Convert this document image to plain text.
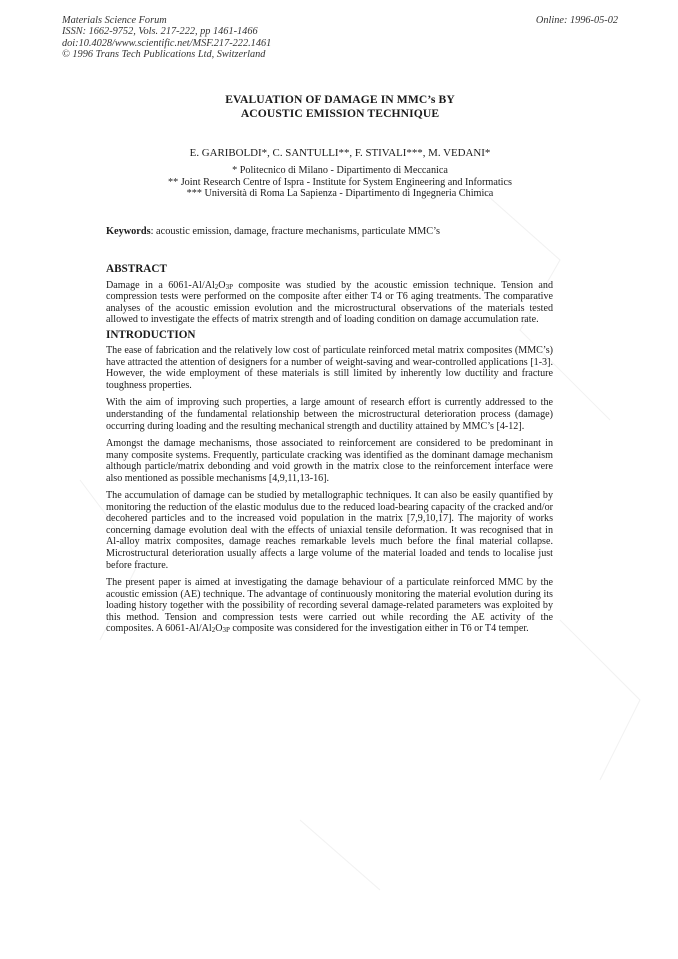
Materials Science Forum
ISSN: 1662-9752, Vols. 217-222, pp 1461-1466
doi:10.4028/www.scientific.net/MSF.217-222.1461
© 1996 Trans Tech Publications Ltd, Switzerland
Online: 1996-05-02
EVALUATION OF DAMAGE IN MMC’s BY
ACOUSTIC EMISSION TECHNIQUE
E. GARIBOLDI*, C. SANTULLI**, F. STIVALI***, M. VEDANI*
* Politecnico di Milano - Dipartimento di Meccanica
** Joint Research Centre of Ispra - Institute for System Engineering and Informatics
*** Università di Roma La Sapienza - Dipartimento di Ingegneria Chimica
Keywords: acoustic emission, damage, fracture mechanisms, particulate MMC’s
ABSTRACT

Damage in a $6061-Al/Al_2O_{3P}$ composite was studied by the acoustic emission technique. Tension and compression tests were performed on the composite after either T4 or T6 aging treatments. The comparative analyses of the acoustic emission evolution and the microstructural observations of the materials tested allowed to investigate the effects of matrix strength and of loading condition on damage accumulation rate.

INTRODUCTION

The ease of fabrication and the relatively low cost of particulate reinforced metal matrix composites (MMC’s) have attracted the attention of designers for a number of weight-saving and wear-controlled applications [1-3]. However, the wide employment of these materials is still limited by inherently low ductility and fracture toughness properties.

With the aim of improving such properties, a large amount of research effort is currently addressed to the understanding of the fundamental relationship between the microstructural deterioration process (damage) occurring during loading and the resulting mechanical strength and ductility attained by MMC’s [4-12].

Amongst the damage mechanisms, those associated to reinforcement are considered to be predominant in many composite systems. Frequently, particulate cracking was identified as the dominant damage mechanism although particle/matrix debonding and void growth in the matrix close to the reinforcement interface were also mentioned as possible mechanisms [4,9,11,13-16].

The accumulation of damage can be studied by metallographic techniques. It can also be easily quantified by monitoring the reduction of the elastic modulus due to the reduced load-bearing capacity of the cracked and/or decohered particles and to the increased void population in the matrix [7,9,10,17]. The majority of works concerning damage evolution deal with the effects of uniaxial tensile deformation. It was recognised that in Al-alloy matrix composites, damage reaches remarkable levels much before the final material collapse. Microstructural deterioration usually affects a large volume of the material loaded and tends to localise just before fracture.

The present paper is aimed at investigating the damage behaviour of a particulate reinforced MMC by the acoustic emission (AE) technique. The advantage of continuously monitoring the material evolution during its loading history together with the possibility of recording several damage-related parameters was exploited by this method. Tension and compression tests were carried out while recording the AE activity of the composites. A $6061-Al/Al_2O_{3P}$ composite was considered for the investigation either in T6 or T4 temper.
